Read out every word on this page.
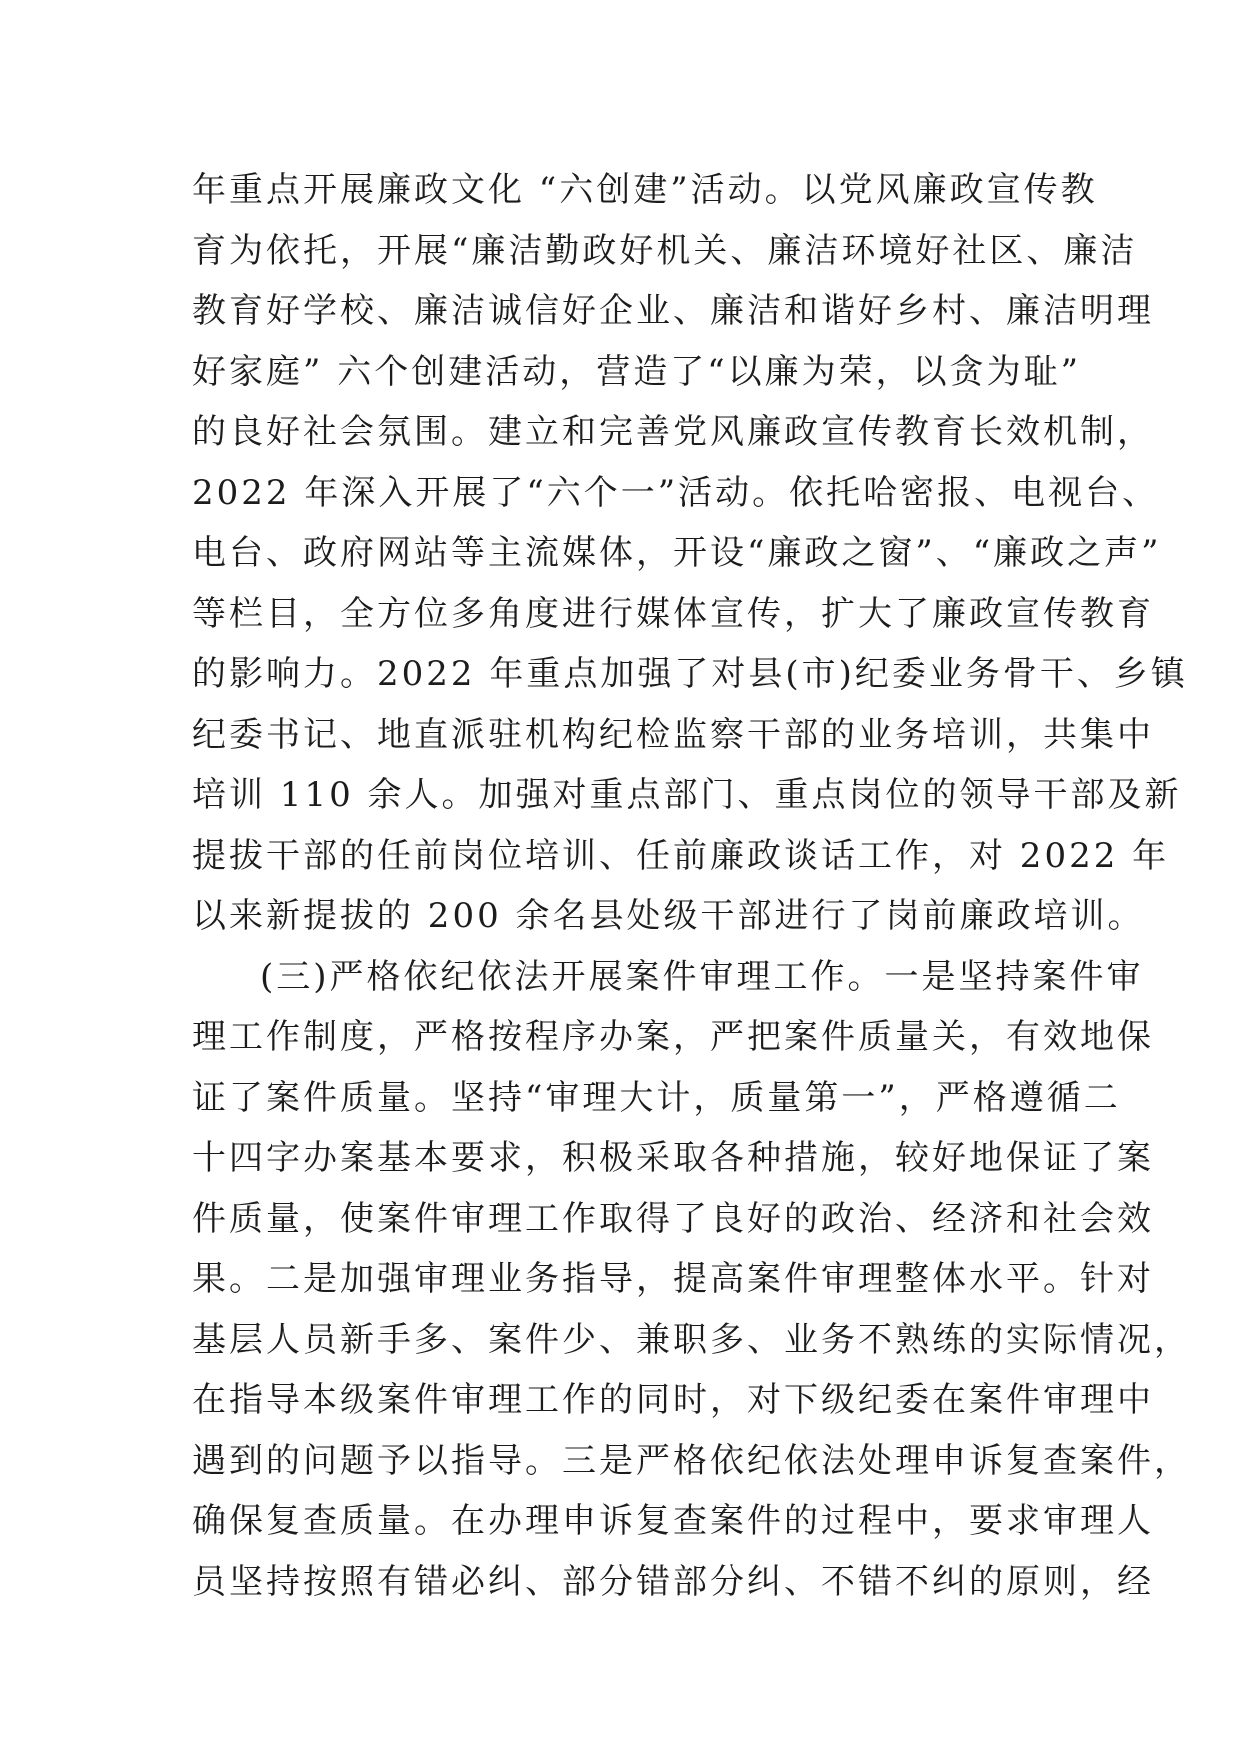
年重点开展廉政文化 “六创建”活动。以党风廉政宣传教
育为依托，开展“廉洁勤政好机关、廉洁环境好社区、廉洁
教育好学校、廉洁诚信好企业、廉洁和谐好乡村、廉洁明理
好家庭” 六个创建活动，营造了“以廉为荣，以贪为耻”
的良好社会氛围。建立和完善党风廉政宣传教育长效机制，
2022 年深入开展了“六个一”活动。依托哈密报、电视台、
电台、政府网站等主流媒体，开设“廉政之窗”、“廉政之声”
等栏目，全方位多角度进行媒体宣传，扩大了廉政宣传教育
的影响力。2022 年重点加强了对县(市)纪委业务骨干、乡镇
纪委书记、地直派驻机构纪检监察干部的业务培训，共集中
培训 110 余人。加强对重点部门、重点岗位的领导干部及新
提拔干部的任前岗位培训、任前廉政谈话工作，对 2022 年
以来新提拔的 200 余名县处级干部进行了岗前廉政培训。
(三)严格依纪依法开展案件审理工作。一是坚持案件审
理工作制度，严格按程序办案，严把案件质量关，有效地保
证了案件质量。坚持“审理大计，质量第一”，严格遵循二
十四字办案基本要求，积极采取各种措施，较好地保证了案
件质量，使案件审理工作取得了良好的政治、经济和社会效
果。二是加强审理业务指导，提高案件审理整体水平。针对
基层人员新手多、案件少、兼职多、业务不熟练的实际情况，
在指导本级案件审理工作的同时，对下级纪委在案件审理中
遇到的问题予以指导。三是严格依纪依法处理申诉复查案件，
确保复查质量。在办理申诉复查案件的过程中，要求审理人
员坚持按照有错必纠、部分错部分纠、不错不纠的原则，经
